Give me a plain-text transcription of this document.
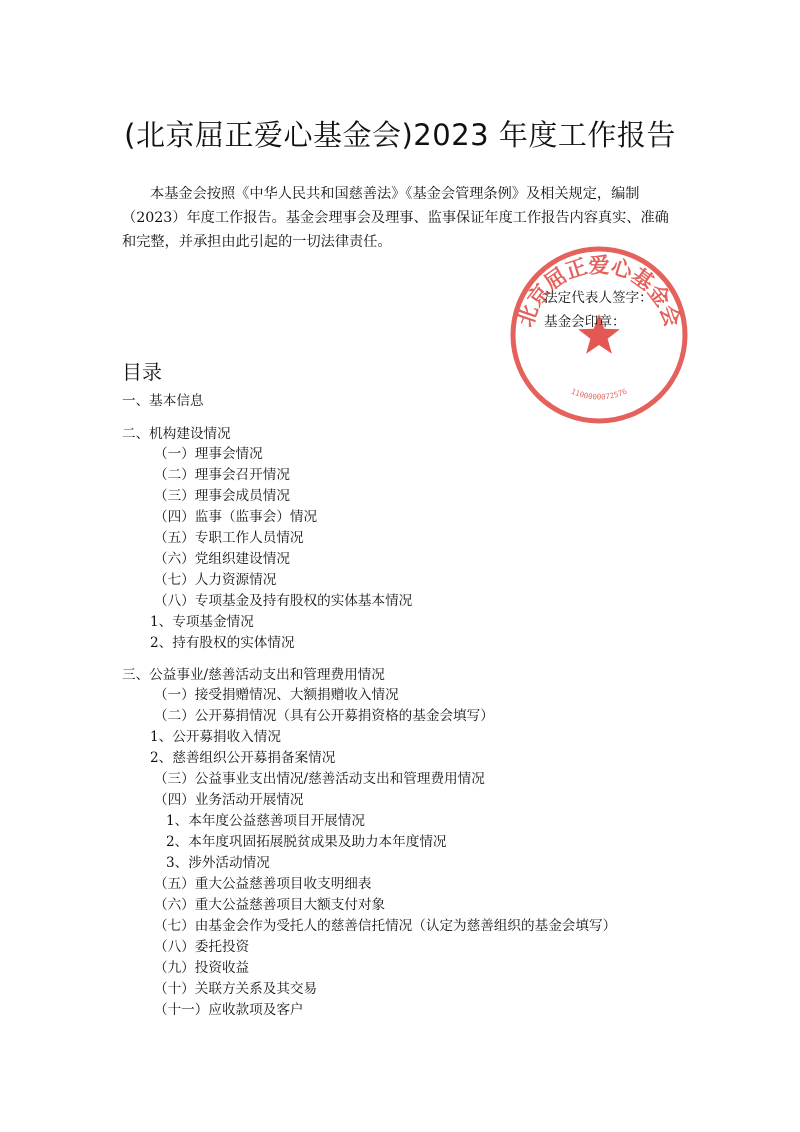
(北京屈正爱心基金会)2023 年度工作报告
本基金会按照《中华人民共和国慈善法》《基金会管理条例》及相关规定，编制（2023）年度工作报告。基金会理事会及理事、监事保证年度工作报告内容真实、准确和完整，并承担由此引起的一切法律责任。
北京屈正爱心基金会
1100000072576
法定代表人签字：
基金会印章：
目录
一、基本信息
二、机构建设情况
（一）理事会情况
（二）理事会召开情况
（三）理事会成员情况
（四）监事（监事会）情况
（五）专职工作人员情况
（六）党组织建设情况
（七）人力资源情况
（八）专项基金及持有股权的实体基本情况
1、专项基金情况
2、持有股权的实体情况
三、公益事业/慈善活动支出和管理费用情况
（一）接受捐赠情况、大额捐赠收入情况
（二）公开募捐情况（具有公开募捐资格的基金会填写）
1、公开募捐收入情况
2、慈善组织公开募捐备案情况
（三）公益事业支出情况/慈善活动支出和管理费用情况
（四）业务活动开展情况
1、本年度公益慈善项目开展情况
2、本年度巩固拓展脱贫成果及助力本年度情况
3、涉外活动情况
（五）重大公益慈善项目收支明细表
（六）重大公益慈善项目大额支付对象
（七）由基金会作为受托人的慈善信托情况（认定为慈善组织的基金会填写）
（八）委托投资
（九）投资收益
（十）关联方关系及其交易
（十一）应收款项及客户
